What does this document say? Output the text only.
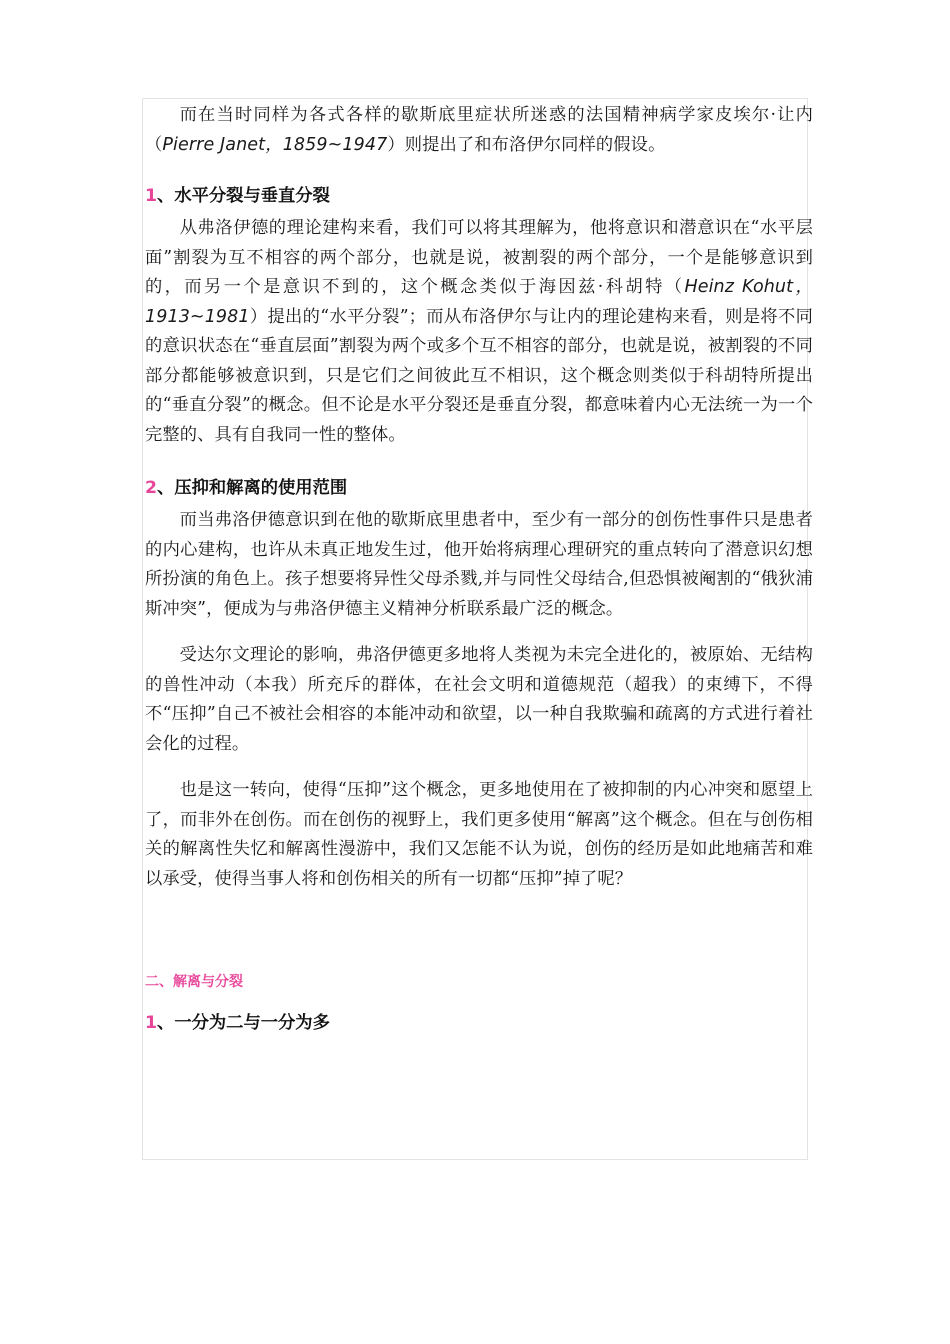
而在当时同样为各式各样的歇斯底里症状所迷惑的法国精神病学家皮埃尔·让内（Pierre Janet，1859~1947）则提出了和布洛伊尔同样的假设。

1、水平分裂与垂直分裂

从弗洛伊德的理论建构来看，我们可以将其理解为，他将意识和潜意识在“水平层面”割裂为互不相容的两个部分，也就是说，被割裂的两个部分，一个是能够意识到的，而另一个是意识不到的，这个概念类似于海因兹·科胡特（Heinz Kohut，1913~1981）提出的“水平分裂”；而从布洛伊尔与让内的理论建构来看，则是将不同的意识状态在“垂直层面”割裂为两个或多个互不相容的部分，也就是说，被割裂的不同部分都能够被意识到，只是它们之间彼此互不相识，这个概念则类似于科胡特所提出的“垂直分裂”的概念。但不论是水平分裂还是垂直分裂，都意味着内心无法统一为一个完整的、具有自我同一性的整体。

2、压抑和解离的使用范围

而当弗洛伊德意识到在他的歇斯底里患者中，至少有一部分的创伤性事件只是患者的内心建构，也许从未真正地发生过，他开始将病理心理研究的重点转向了潜意识幻想所扮演的角色上。孩子想要将异性父母杀戮,并与同性父母结合,但恐惧被阉割的“俄狄浦斯冲突”，便成为与弗洛伊德主义精神分析联系最广泛的概念。

受达尔文理论的影响，弗洛伊德更多地将人类视为未完全进化的，被原始、无结构的兽性冲动（本我）所充斥的群体，在社会文明和道德规范（超我）的束缚下，不得不“压抑”自己不被社会相容的本能冲动和欲望，以一种自我欺骗和疏离的方式进行着社会化的过程。

也是这一转向，使得“压抑”这个概念，更多地使用在了被抑制的内心冲突和愿望上了，而非外在创伤。而在创伤的视野上，我们更多使用“解离”这个概念。但在与创伤相关的解离性失忆和解离性漫游中，我们又怎能不认为说，创伤的经历是如此地痛苦和难以承受，使得当事人将和创伤相关的所有一切都“压抑”掉了呢？

二、解离与分裂
1、一分为二与一分为多
